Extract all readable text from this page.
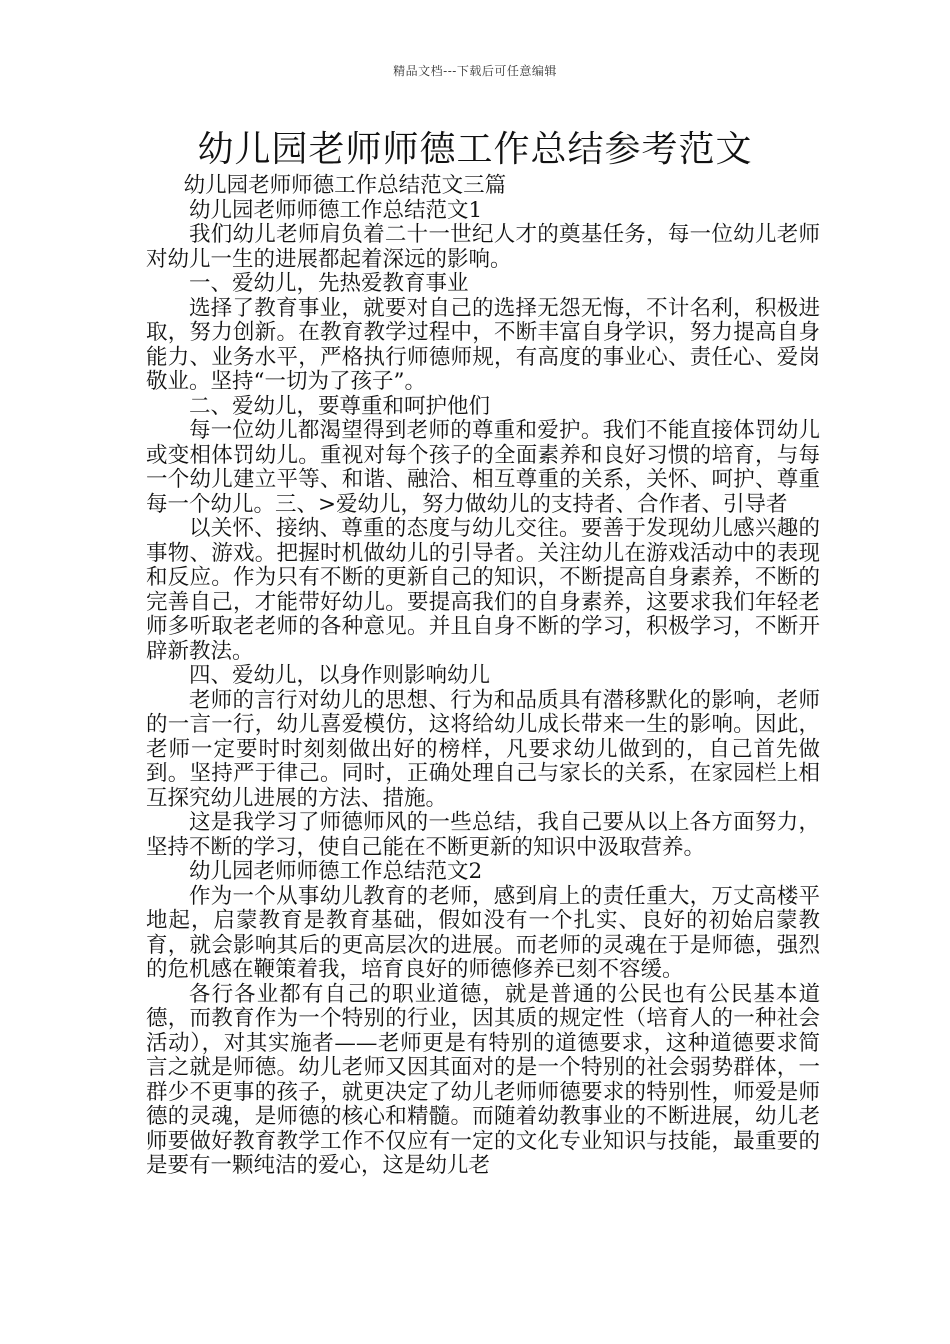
精品文档---下载后可任意编辑
幼儿园老师师德工作总结参考范文

幼儿园老师师德工作总结范文三篇

幼儿园老师师德工作总结范文1

我们幼儿老师肩负着二十一世纪人才的奠基任务，每一位幼儿老师对幼儿一生的进展都起着深远的影响。

一、爱幼儿，先热爱教育事业

选择了教育事业，就要对自己的选择无怨无悔，不计名利，积极进取，努力创新。在教育教学过程中，不断丰富自身学识，努力提高自身能力、业务水平，严格执行师德师规，有高度的事业心、责任心、爱岗敬业。坚持“一切为了孩子”。

二、爱幼儿，要尊重和呵护他们

每一位幼儿都渴望得到老师的尊重和爱护。我们不能直接体罚幼儿或变相体罚幼儿。重视对每个孩子的全面素养和良好习惯的培育，与每一个幼儿建立平等、和谐、融洽、相互尊重的关系，关怀、呵护、尊重每一个幼儿。三、>爱幼儿，努力做幼儿的支持者、合作者、引导者

以关怀、接纳、尊重的态度与幼儿交往。要善于发现幼儿感兴趣的事物、游戏。把握时机做幼儿的引导者。关注幼儿在游戏活动中的表现和反应。作为只有不断的更新自己的知识，不断提高自身素养，不断的完善自己，才能带好幼儿。要提高我们的自身素养，这要求我们年轻老师多听取老老师的各种意见。并且自身不断的学习，积极学习，不断开辟新教法。

四、爱幼儿，以身作则影响幼儿

老师的言行对幼儿的思想、行为和品质具有潜移默化的影响，老师的一言一行，幼儿喜爱模仿，这将给幼儿成长带来一生的影响。因此，老师一定要时时刻刻做出好的榜样，凡要求幼儿做到的，自己首先做到。坚持严于律己。同时，正确处理自己与家长的关系，在家园栏上相互探究幼儿进展的方法、措施。

这是我学习了师德师风的一些总结，我自己要从以上各方面努力，坚持不断的学习，使自己能在不断更新的知识中汲取营养。

幼儿园老师师德工作总结范文2

作为一个从事幼儿教育的老师，感到肩上的责任重大，万丈高楼平地起，启蒙教育是教育基础，假如没有一个扎实、良好的初始启蒙教育，就会影响其后的更高层次的进展。而老师的灵魂在于是师德，强烈的危机感在鞭策着我，培育良好的师德修养已刻不容缓。

各行各业都有自己的职业道德，就是普通的公民也有公民基本道德，而教育作为一个特别的行业，因其质的规定性（培育人的一种社会活动），对其实施者——老师更是有特别的道德要求，这种道德要求简言之就是师德。幼儿老师又因其面对的是一个特别的社会弱势群体，一群少不更事的孩子，就更决定了幼儿老师师德要求的特别性，师爱是师德的灵魂，是师德的核心和精髓。而随着幼教事业的不断进展，幼儿老师要做好教育教学工作不仅应有一定的文化专业知识与技能，最重要的是要有一颗纯洁的爱心，这是幼儿老
